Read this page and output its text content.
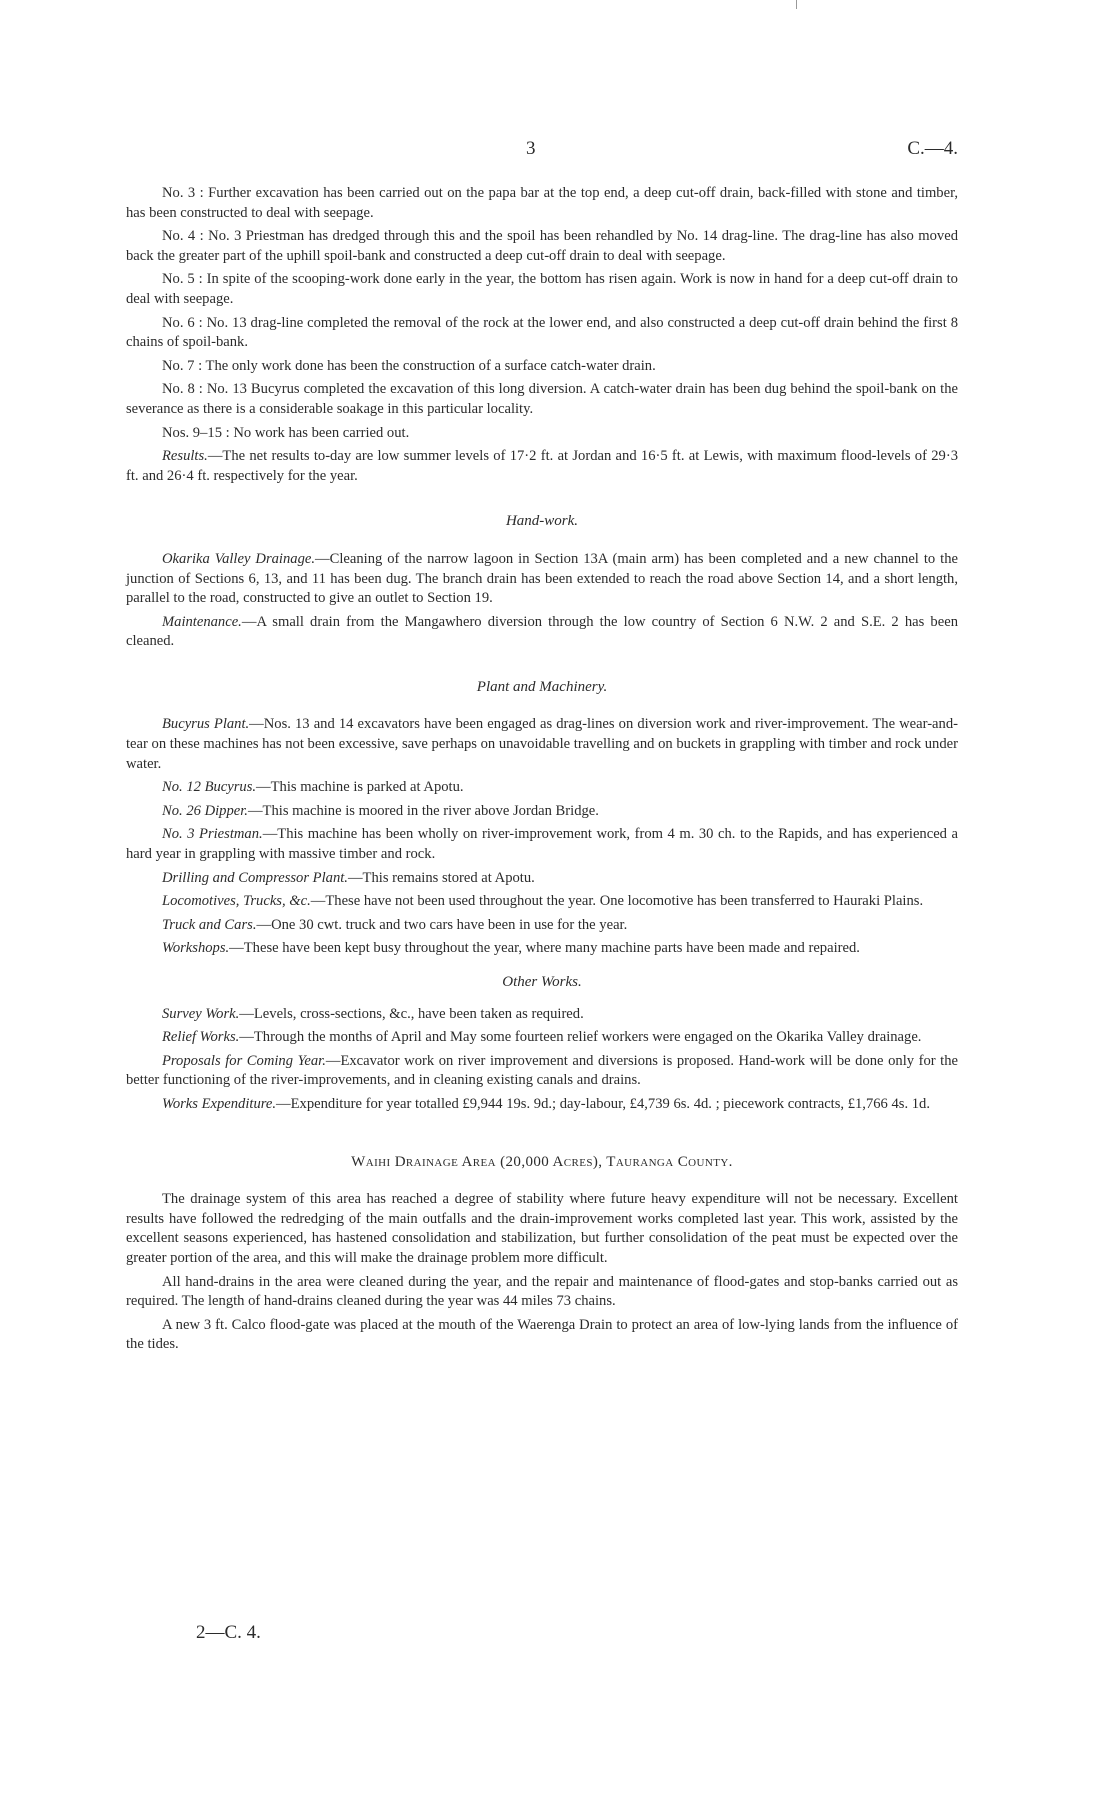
3	C.—4.

No. 3 : Further excavation has been carried out on the papa bar at the top end, a deep cut-off drain, back-filled with stone and timber, has been constructed to deal with seepage.

No. 4 : No. 3 Priestman has dredged through this and the spoil has been rehandled by No. 14 drag-line. The drag-line has also moved back the greater part of the uphill spoil-bank and constructed a deep cut-off drain to deal with seepage.

No. 5 : In spite of the scooping-work done early in the year, the bottom has risen again. Work is now in hand for a deep cut-off drain to deal with seepage.

No. 6 : No. 13 drag-line completed the removal of the rock at the lower end, and also constructed a deep cut-off drain behind the first 8 chains of spoil-bank.

No. 7 : The only work done has been the construction of a surface catch-water drain.

No. 8 : No. 13 Bucyrus completed the excavation of this long diversion. A catch-water drain has been dug behind the spoil-bank on the severance as there is a considerable soakage in this particular locality.

Nos. 9–15 : No work has been carried out.

Results.—The net results to-day are low summer levels of 17·2 ft. at Jordan and 16·5 ft. at Lewis, with maximum flood-levels of 29·3 ft. and 26·4 ft. respectively for the year.

Hand-work.

Okarika Valley Drainage.—Cleaning of the narrow lagoon in Section 13A (main arm) has been completed and a new channel to the junction of Sections 6, 13, and 11 has been dug. The branch drain has been extended to reach the road above Section 14, and a short length, parallel to the road, constructed to give an outlet to Section 19.

Maintenance.—A small drain from the Mangawhero diversion through the low country of Section 6 N.W. 2 and S.E. 2 has been cleaned.

Plant and Machinery.

Bucyrus Plant.—Nos. 13 and 14 excavators have been engaged as drag-lines on diversion work and river-improvement. The wear-and-tear on these machines has not been excessive, save perhaps on unavoidable travelling and on buckets in grappling with timber and rock under water.

No. 12 Bucyrus.—This machine is parked at Apotu.

No. 26 Dipper.—This machine is moored in the river above Jordan Bridge.

No. 3 Priestman.—This machine has been wholly on river-improvement work, from 4 m. 30 ch. to the Rapids, and has experienced a hard year in grappling with massive timber and rock.

Drilling and Compressor Plant.—This remains stored at Apotu.

Locomotives, Trucks, &c.—These have not been used throughout the year. One locomotive has been transferred to Hauraki Plains.

Truck and Cars.—One 30 cwt. truck and two cars have been in use for the year.

Workshops.—These have been kept busy throughout the year, where many machine parts have been made and repaired.

Other Works.

Survey Work.—Levels, cross-sections, &c., have been taken as required.

Relief Works.—Through the months of April and May some fourteen relief workers were engaged on the Okarika Valley drainage.

Proposals for Coming Year.—Excavator work on river improvement and diversions is proposed. Hand-work will be done only for the better functioning of the river-improvements, and in cleaning existing canals and drains.

Works Expenditure.—Expenditure for year totalled £9,944 19s. 9d.; day-labour, £4,739 6s. 4d. ; piecework contracts, £1,766 4s. 1d.

Waihi Drainage Area (20,000 Acres), Tauranga County.

The drainage system of this area has reached a degree of stability where future heavy expenditure will not be necessary. Excellent results have followed the redredging of the main outfalls and the drain-improvement works completed last year. This work, assisted by the excellent seasons experienced, has hastened consolidation and stabilization, but further consolidation of the peat must be expected over the greater portion of the area, and this will make the drainage problem more difficult.

All hand-drains in the area were cleaned during the year, and the repair and maintenance of flood-gates and stop-banks carried out as required. The length of hand-drains cleaned during the year was 44 miles 73 chains.

A new 3 ft. Calco flood-gate was placed at the mouth of the Waerenga Drain to protect an area of low-lying lands from the influence of the tides.

2—C. 4.
